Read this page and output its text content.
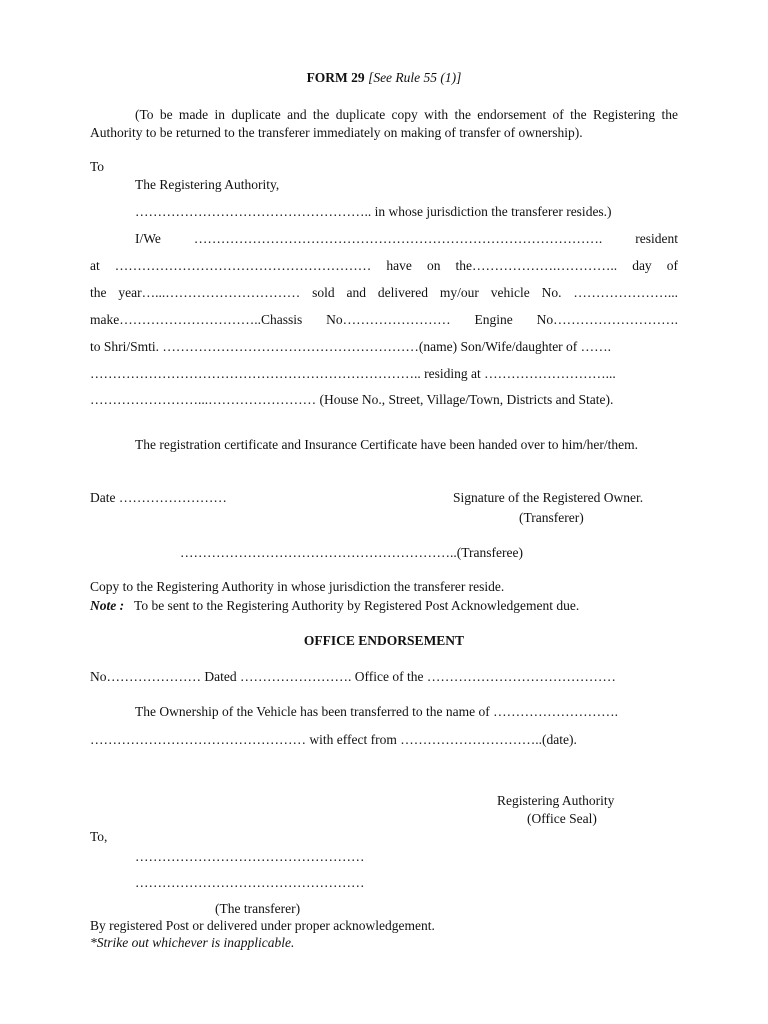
FORM 29 [See Rule 55 (1)]
(To be made in duplicate and the duplicate copy with the endorsement of the Registering the Authority to be returned to the transferer immediately on making of transfer of ownership).
To
The Registering Authority,
…………………………………………….. in whose jurisdiction the transferer resides.)
I/We ………………………………………………………………………………. resident
at ………………………………………………… have on the……………….………….. day of
the year…...………………………… sold and delivered my/our vehicle No. …………………...
make…………………………..Chassis No…………………… Engine No……………………….
to Shri/Smti. …………………………………………………(name) Son/Wife/daughter of …….
……………………………………………………………….. residing at ………………………...
……………………...…………………… (House No., Street, Village/Town, Districts and State).
The registration certificate and Insurance Certificate have been handed over to him/her/them.
Date ……………………	Signature of the Registered Owner.
(Transferer)
……………………………………………………..(Transferee)
Copy to the Registering Authority in whose jurisdiction the transferer reside.
Note : To be sent to the Registering Authority by Registered Post Acknowledgement due.
OFFICE ENDORSEMENT
No………………… Dated ……………………. Office of the ……………………………………
The Ownership of the Vehicle has been transferred to the name of ……………………….
………………………………………… with effect from …………………………..(date).
Registering Authority
(Office Seal)
To,
……………………………………………
……………………………………………
(The transferer)
By registered Post or delivered under proper acknowledgement.
*Strike out whichever is inapplicable.
